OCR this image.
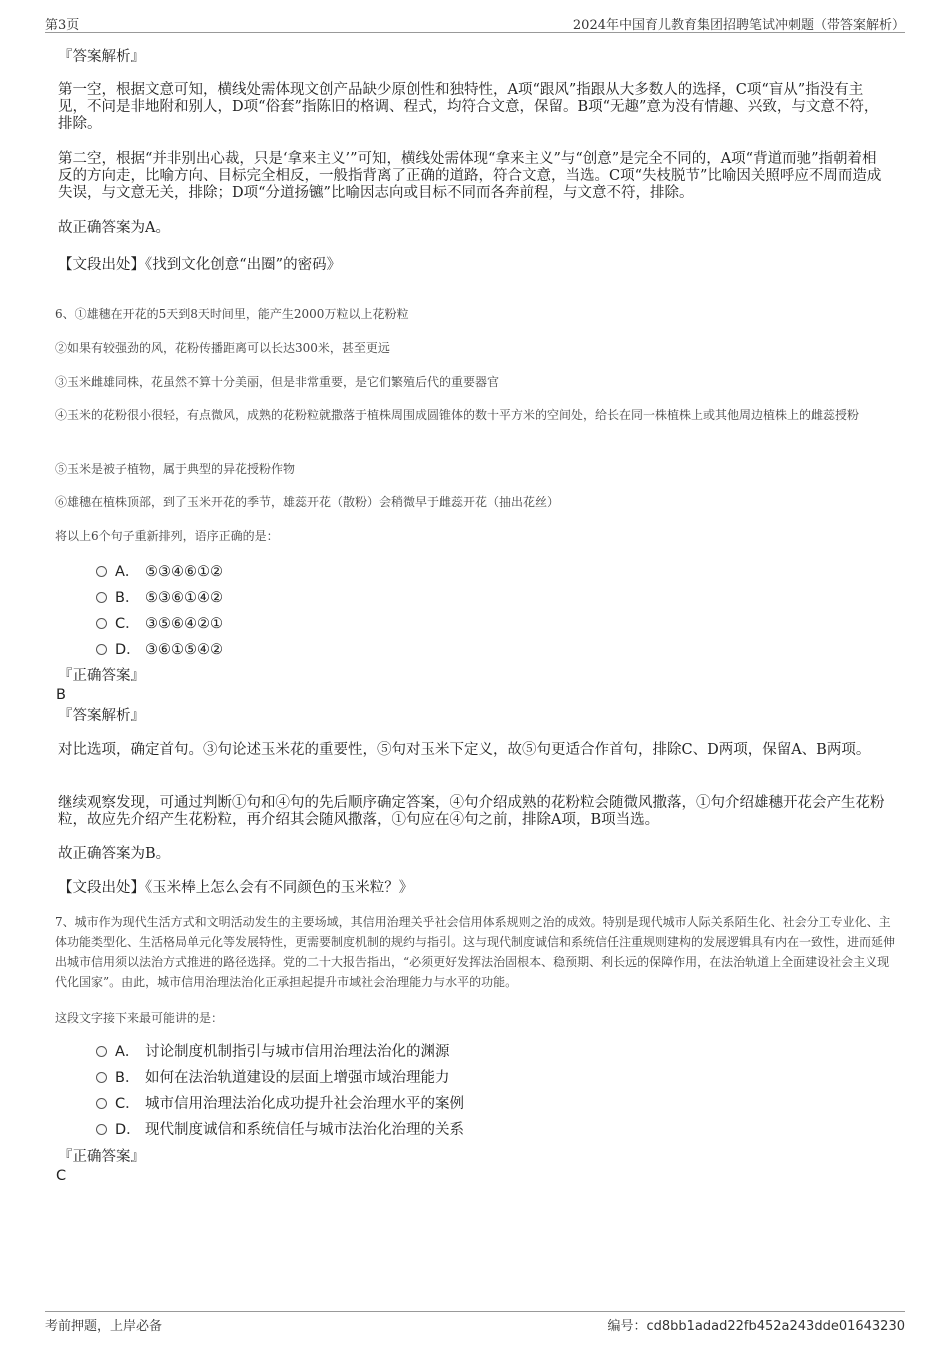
第3页	2024年中国育儿教育集团招聘笔试冲刺题（带答案解析）

『答案解析』

第一空，根据文意可知，横线处需体现文创产品缺少原创性和独特性，A项“跟风”指跟从大多数人的选择，C项“盲从”指没有主见，不问是非地附和别人，D项“俗套”指陈旧的格调、程式，均符合文意，保留。B项“无趣”意为没有情趣、兴致，与文意不符，排除。

第二空，根据“并非别出心裁，只是‘拿来主义’”可知，横线处需体现“拿来主义”与“创意”是完全不同的，A项“背道而驰”指朝着相反的方向走，比喻方向、目标完全相反，一般指背离了正确的道路，符合文意，当选。C项“失枝脱节”比喻因关照呼应不周而造成失误，与文意无关，排除；D项“分道扬镳”比喻因志向或目标不同而各奔前程，与文意不符，排除。

故正确答案为A。

【文段出处】《找到文化创意“出圈”的密码》

6、①雄穗在开花的5天到8天时间里，能产生2000万粒以上花粉粒

②如果有较强劲的风，花粉传播距离可以长达300米，甚至更远

③玉米雌雄同株，花虽然不算十分美丽，但是非常重要，是它们繁殖后代的重要器官

④玉米的花粉很小很轻，有点微风，成熟的花粉粒就撒落于植株周围成圆锥体的数十平方米的空间处，给长在同一株植株上或其他周边植株上的雌蕊授粉

⑤玉米是被子植物，属于典型的异花授粉作物

⑥雄穗在植株顶部，到了玉米开花的季节，雄蕊开花（散粉）会稍微早于雌蕊开花（抽出花丝）

将以上6个句子重新排列，语序正确的是：

A． ⑤③④⑥①②
B． ⑤③⑥①④②
C． ③⑤⑥④②①
D． ③⑥①⑤④②

『正确答案』

B

『答案解析』

对比选项，确定首句。③句论述玉米花的重要性，⑤句对玉米下定义，故⑤句更适合作首句，排除C、D两项，保留A、B两项。

继续观察发现，可通过判断①句和④句的先后顺序确定答案，④句介绍成熟的花粉粒会随微风撒落，①句介绍雄穗开花会产生花粉粒，故应先介绍产生花粉粒，再介绍其会随风撒落，①句应在④句之前，排除A项，B项当选。

故正确答案为B。

【文段出处】《玉米棒上怎么会有不同颜色的玉米粒？》

7、城市作为现代生活方式和文明活动发生的主要场域，其信用治理关乎社会信用体系规则之治的成效。特别是现代城市人际关系陌生化、社会分工专业化、主体功能类型化、生活格局单元化等发展特性，更需要制度机制的规约与指引。这与现代制度诚信和系统信任注重规则建构的发展逻辑具有内在一致性，进而延伸出城市信用须以法治方式推进的路径选择。党的二十大报告指出，“必须更好发挥法治固根本、稳预期、利长远的保障作用，在法治轨道上全面建设社会主义现代化国家”。由此，城市信用治理法治化正承担起提升市域社会治理能力与水平的功能。

这段文字接下来最可能讲的是：

A． 讨论制度机制指引与城市信用治理法治化的渊源
B． 如何在法治轨道建设的层面上增强市域治理能力
C． 城市信用治理法治化成功提升社会治理水平的案例
D． 现代制度诚信和系统信任与城市法治化治理的关系

『正确答案』

C

考前押题，上岸必备	编号：cd8bb1adad22fb452a243dde01643230
